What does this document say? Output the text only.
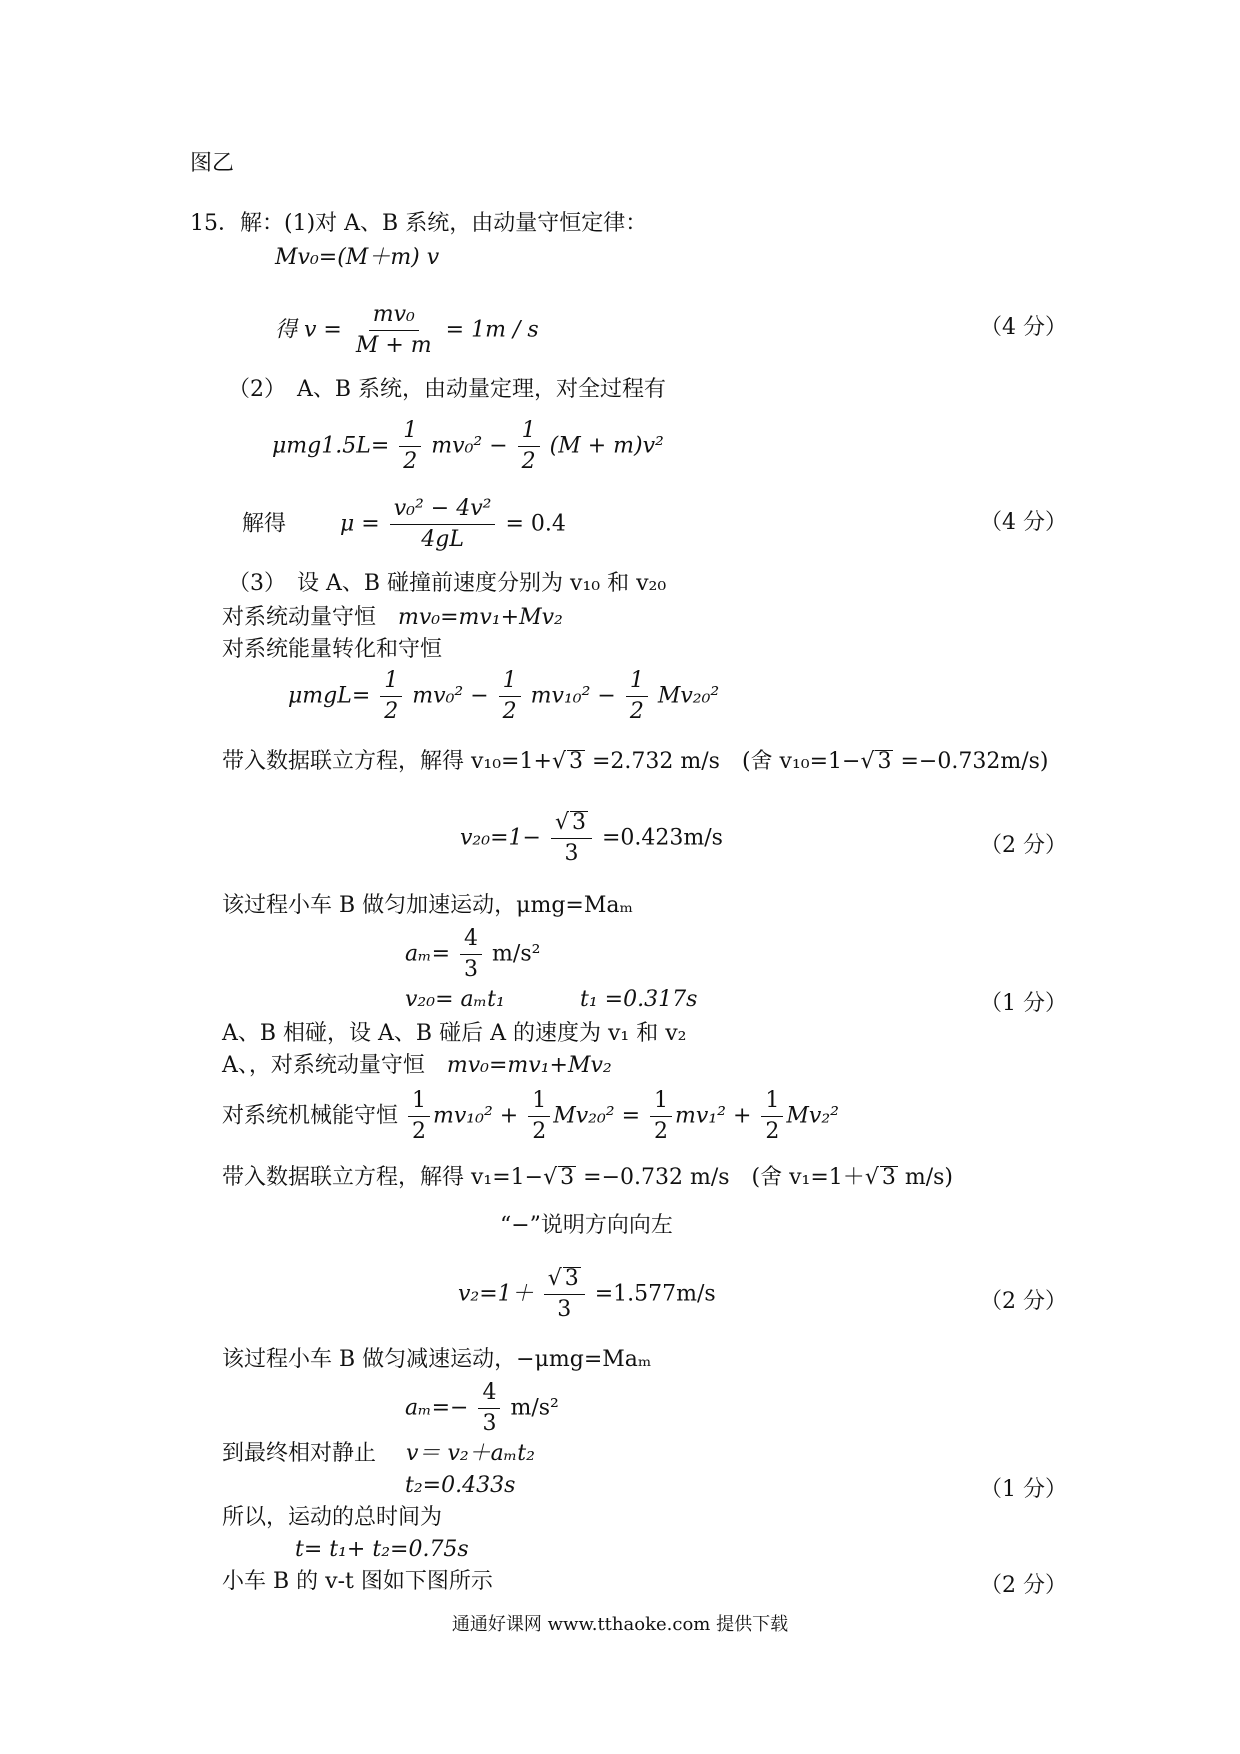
图乙
15．解：(1)对 A、B 系统，由动量守恒定律：
Mv₀=(M＋m) v
得 $v = \frac{\text{mv₀}}{M + m} = 1m / s$	（4 分）
（2）　A、B 系统，由动量定理，对全过程有
$\mu mg1.5L= \frac{1}{2} mv_0^2 - \frac{1}{2} (M + m)v^2$
解得 $\mu = \frac{\text{v₀² − 4v²}}{4gL} = 0.4$	（4 分）
（3）　设 A、B 碰撞前速度分别为 v₁₀ 和 v₂₀
对系统动量守恒 mv₀=mv₁+Mv₂
对系统能量转化和守恒
$\mu mgL= \frac{1}{2} mv_0^2 - \frac{1}{2} mv_{10}^2 - \frac{1}{2} Mv_{20}^2$
带入数据联立方程，解得 v₁₀=1+√ 3 =2.732 m/s　(舍 v₁₀=1−√ 3 =−0.732m/s)
$v_{20}=1- \frac{√ 3}{3} =0.423m/s$	（2 分）
该过程小车 B 做匀加速运动，μmg=Maₘ
$a_m= \frac{4}{3} m/s^2$
v₂₀= aₘt₁	t₁ =0.317s	（1 分）
A、B 相碰，设 A、B 碰后 A 的速度为 v₁ 和 v₂
A、，对系统动量守恒 mv₀=mv₁+Mv₂
对系统机械能守恒 $\frac{1}{2} mv_{10}^2 + \frac{1}{2} Mv_{20}^2 = \frac{1}{2} mv_1^2 + \frac{1}{2} Mv_2^2$
带入数据联立方程，解得 v₁=1−√ 3 =−0.732 m/s　(舍 v₁=1＋√ 3 m/s)
“−”说明方向向左
$v_2=1+ \frac{√ 3}{3} =1.577m/s$	（2 分）
该过程小车 B 做匀减速运动，−μmg=Maₘ
$a_m=- \frac{4}{3} m/s^2$
到最终相对静止 v＝ v₂＋aₘt₂
t₂=0.433s	（1 分）
所以，运动的总时间为
t= t₁+ t₂=0.75s
小车 B 的 v-t 图如下图所示	（2 分）
通通好课网 www.tthaoke.com 提供下载
